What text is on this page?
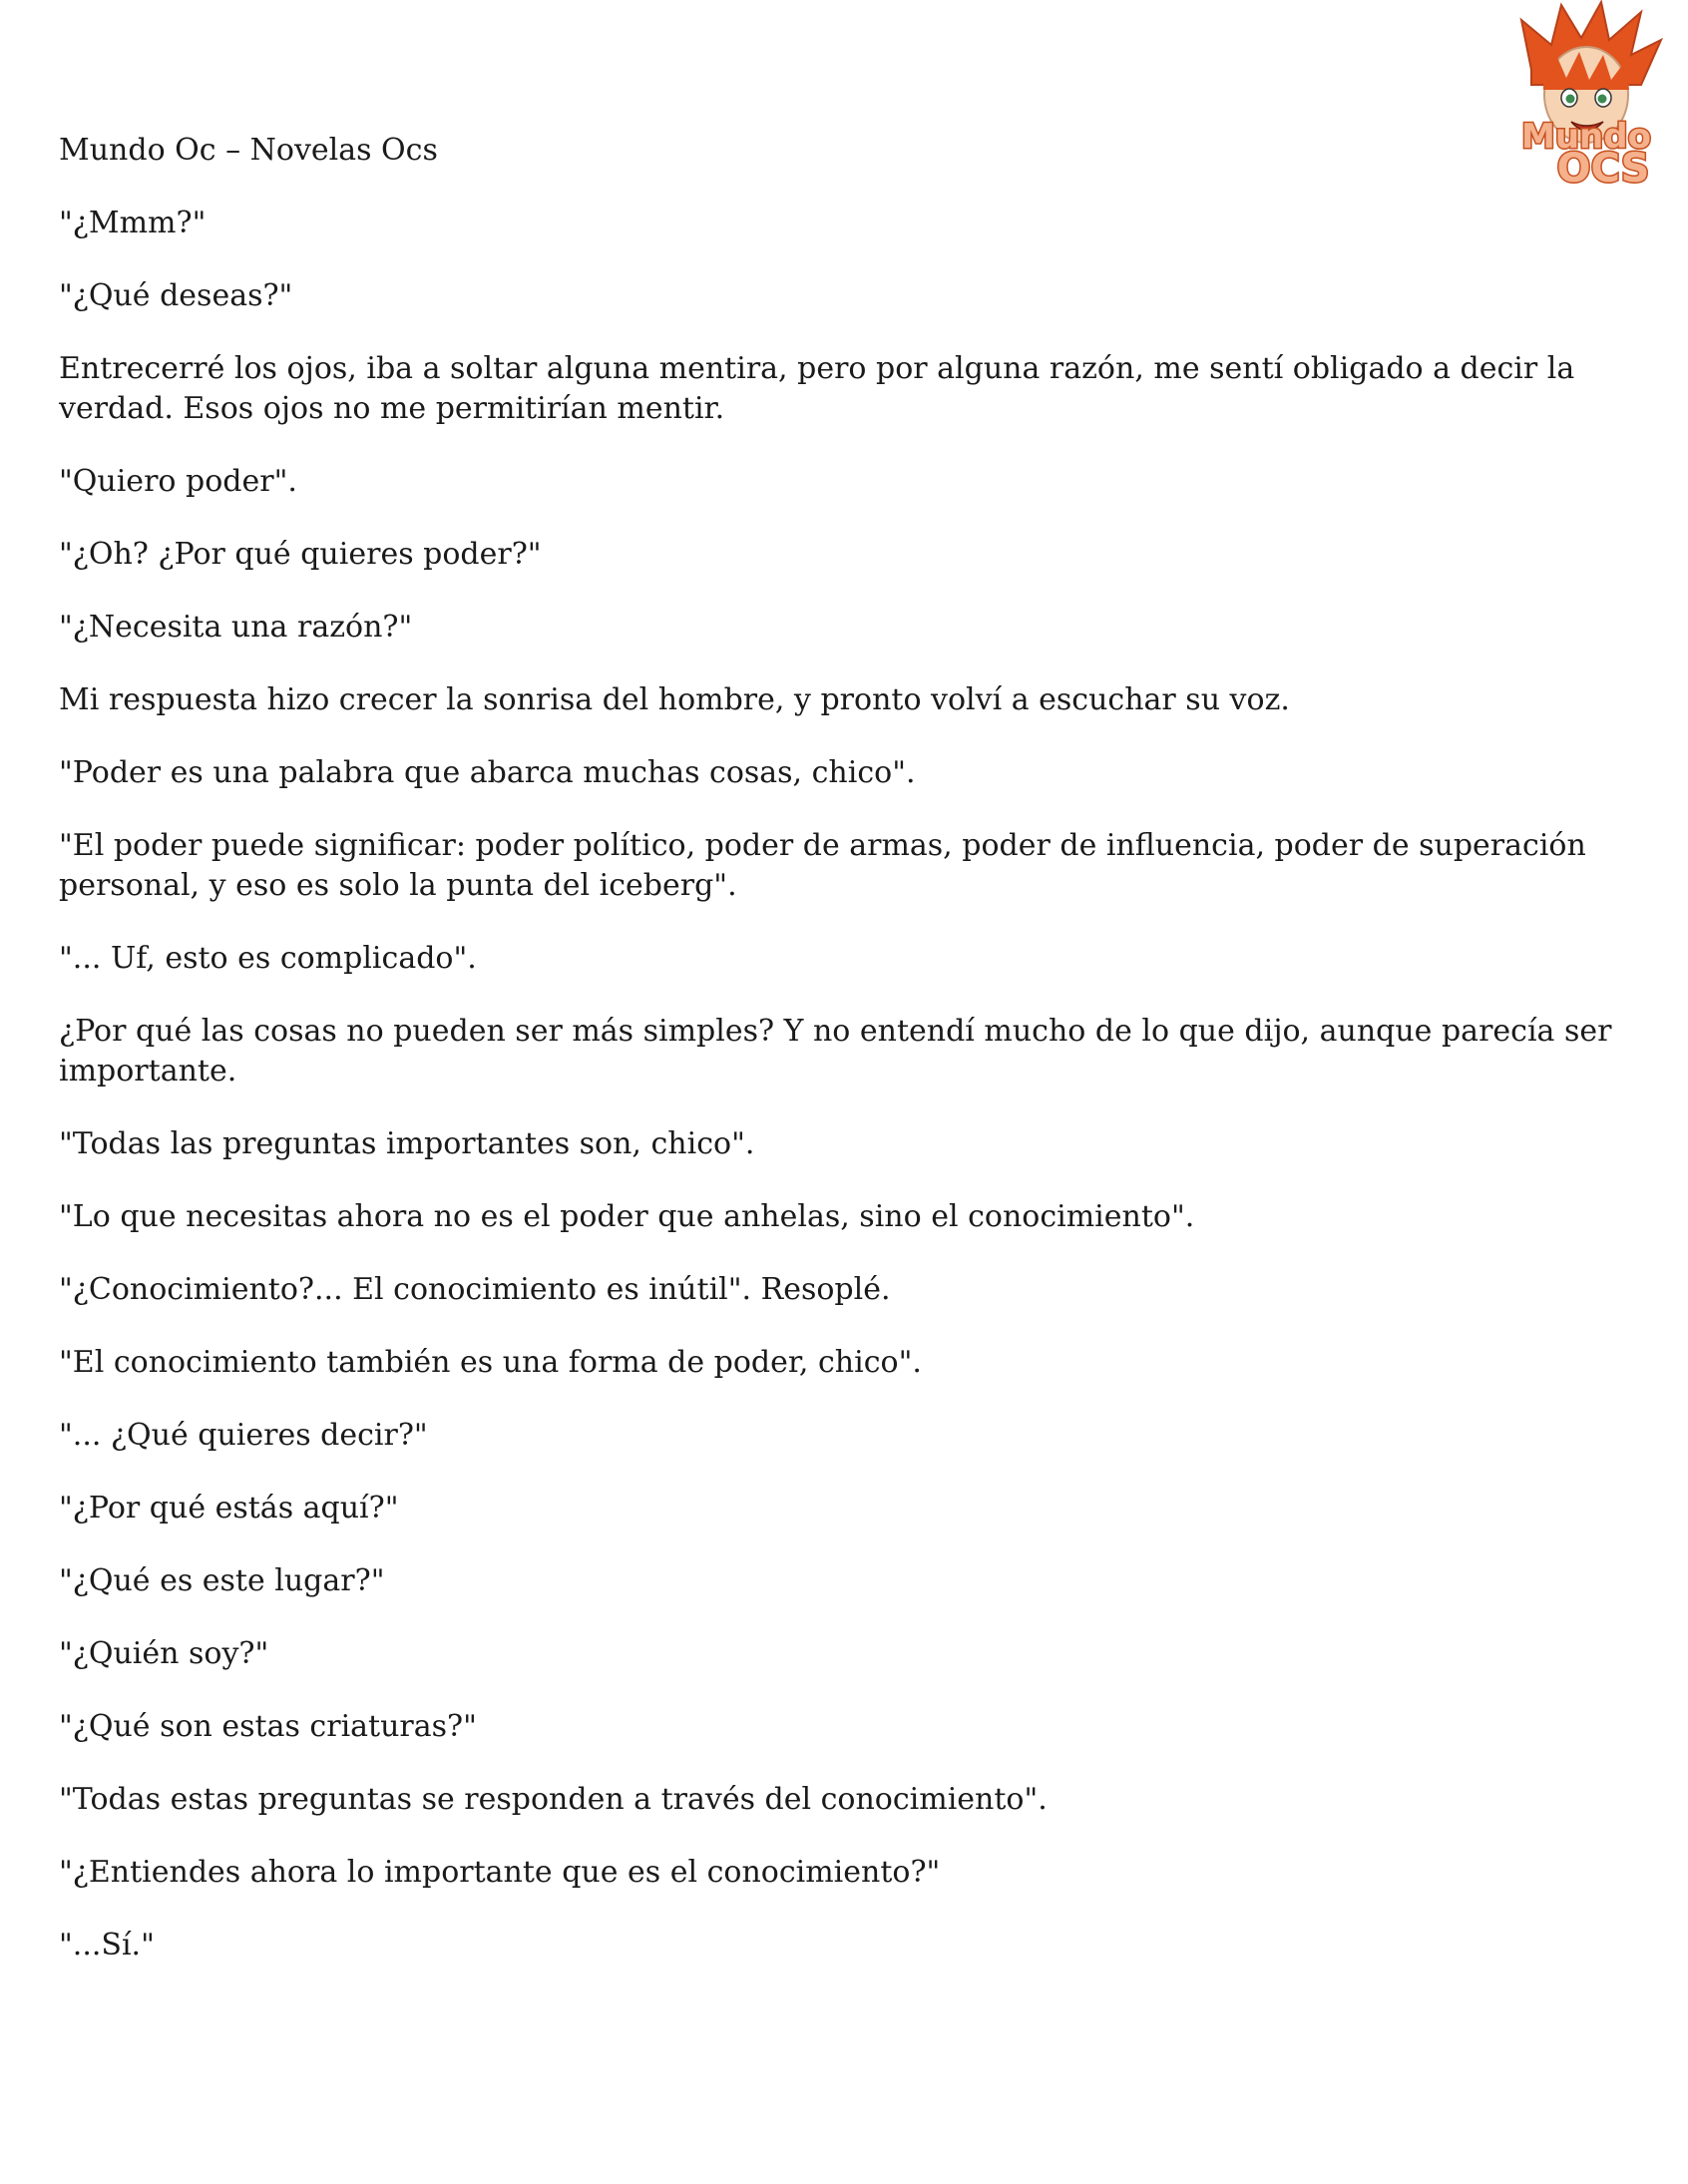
Mundo
OCS

Mundo Oc – Novelas Ocs

"¿Mmm?"

"¿Qué deseas?"

Entrecerré los ojos, iba a soltar alguna mentira, pero por alguna razón, me sentí obligado a decir la verdad. Esos ojos no me permitirían mentir.

"Quiero poder".

"¿Oh? ¿Por qué quieres poder?"

"¿Necesita una razón?"

Mi respuesta hizo crecer la sonrisa del hombre, y pronto volví a escuchar su voz.

"Poder es una palabra que abarca muchas cosas, chico".

"El poder puede significar: poder político, poder de armas, poder de influencia, poder de superación personal, y eso es solo la punta del iceberg".

"... Uf, esto es complicado".

¿Por qué las cosas no pueden ser más simples? Y no entendí mucho de lo que dijo, aunque parecía ser importante.

"Todas las preguntas importantes son, chico".

"Lo que necesitas ahora no es el poder que anhelas, sino el conocimiento".

"¿Conocimiento?... El conocimiento es inútil". Resoplé.

"El conocimiento también es una forma de poder, chico".

"... ¿Qué quieres decir?"

"¿Por qué estás aquí?"

"¿Qué es este lugar?"

"¿Quién soy?"

"¿Qué son estas criaturas?"

"Todas estas preguntas se responden a través del conocimiento".

"¿Entiendes ahora lo importante que es el conocimiento?"

"...Sí."
